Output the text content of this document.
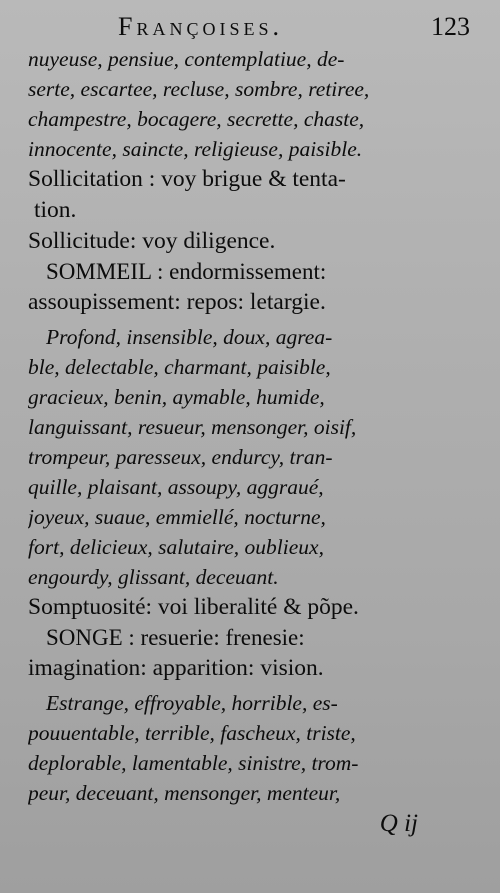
Françoises.	123
nuyeuse, pensiue, contemplatiue, de-
serte, escartee, recluse, sombre, retiree,
champestre, bocagere, secrette, chaste,
innocente, saincte, religieuse, paisible.
Sollicitation : voy brigue & tenta-
tion.
Sollicitude: voy diligence.
SOMMEIL : endormissement:
assoupissement: repos: letargie.
Profond, insensible, doux, agrea-
ble, delectable, charmant, paisible,
gracieux, benin, aymable, humide,
languissant, resueur, mensonger, oisif,
trompeur, paresseux, endurcy, tran-
quille, plaisant, assoupy, aggraué,
joyeux, suaue, emmiellé, nocturne,
fort, delicieux, salutaire, oublieux,
engourdy, glissant, deceuant.
Somptuosité: voi liberalité & põpe.
SONGE : resuerie: frenesie:
imagination: apparition: vision.
Estrange, effroyable, horrible, es-
pouuentable, terrible, fascheux, triste,
deplorable, lamentable, sinistre, trom-
peur, deceuant, mensonger, menteur,
Q ij
